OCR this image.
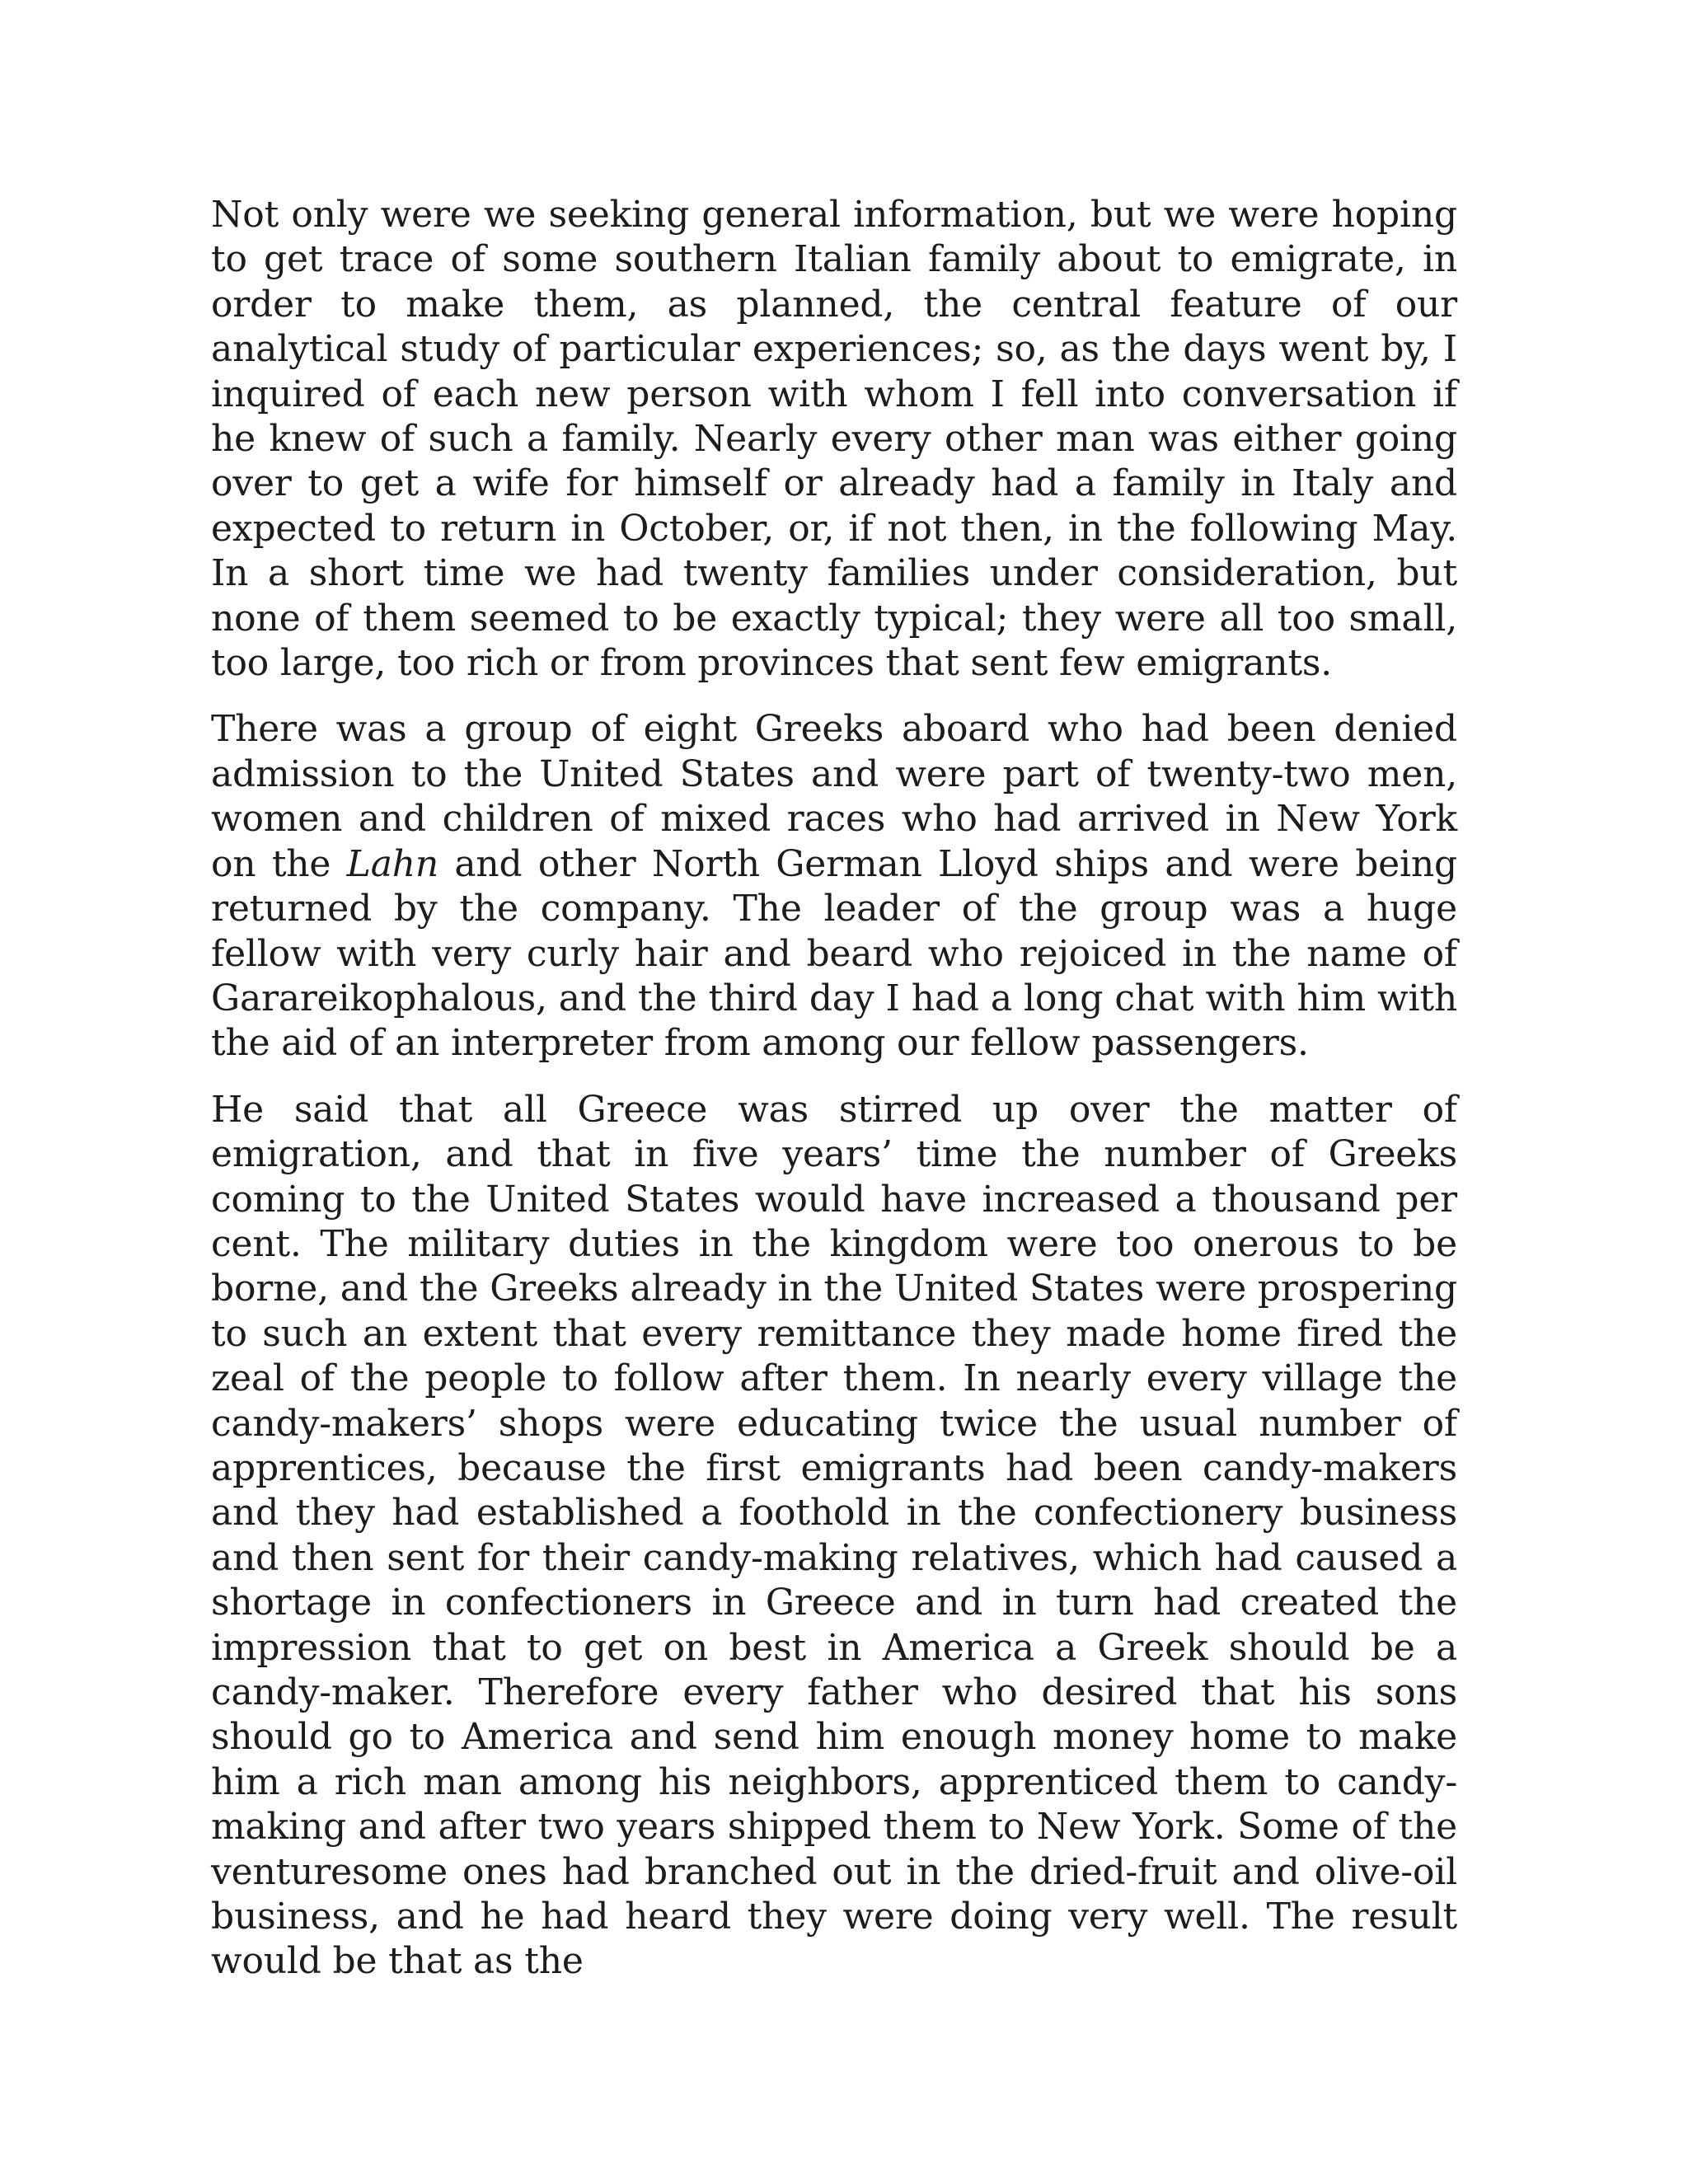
Not only were we seeking general information, but we were hoping to get trace of some southern Italian family about to emigrate, in order to make them, as planned, the central feature of our analytical study of particular experiences; so, as the days went by, I inquired of each new person with whom I fell into conversation if he knew of such a family. Nearly every other man was either going over to get a wife for himself or already had a family in Italy and expected to return in October, or, if not then, in the following May. In a short time we had twenty families under consideration, but none of them seemed to be exactly typical; they were all too small, too large, too rich or from provinces that sent few emigrants.

There was a group of eight Greeks aboard who had been denied admission to the United States and were part of twenty-two men, women and children of mixed races who had arrived in New York on the Lahn and other North German Lloyd ships and were being returned by the company. The leader of the group was a huge fellow with very curly hair and beard who rejoiced in the name of Garareikophalous, and the third day I had a long chat with him with the aid of an interpreter from among our fellow passengers.

He said that all Greece was stirred up over the matter of emigration, and that in five years’ time the number of Greeks coming to the United States would have increased a thousand per cent. The military duties in the kingdom were too onerous to be borne, and the Greeks already in the United States were prospering to such an extent that every remittance they made home fired the zeal of the people to follow after them. In nearly every village the candy-makers’ shops were educating twice the usual number of apprentices, because the first emigrants had been candy-makers and they had established a foothold in the confectionery business and then sent for their candy-making relatives, which had caused a shortage in confectioners in Greece and in turn had created the impression that to get on best in America a Greek should be a candy-maker. Therefore every father who desired that his sons should go to America and send him enough money home to make him a rich man among his neighbors, apprenticed them to candy-making and after two years shipped them to New York. Some of the venturesome ones had branched out in the dried-fruit and olive-oil business, and he had heard they were doing very well. The result would be that as the
